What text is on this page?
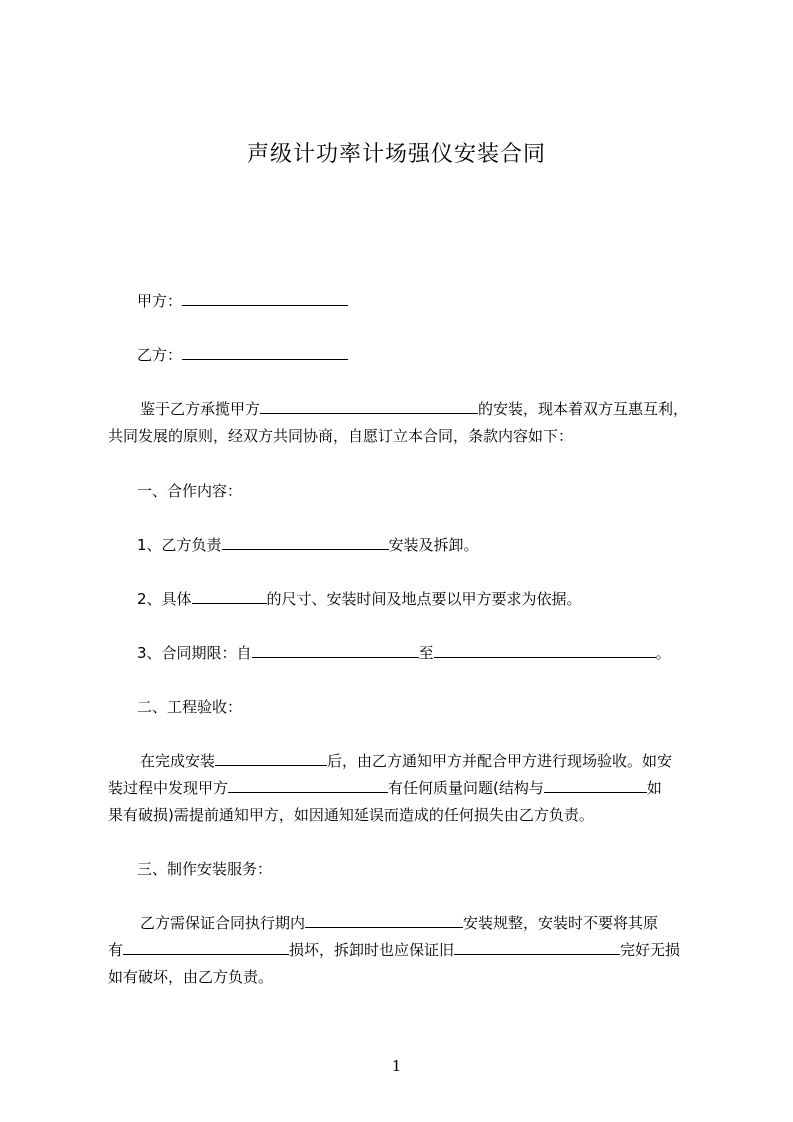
声级计功率计场强仪安装合同
甲方：
乙方：
鉴于乙方承揽甲方	的安装，现本着双方互惠互利，
共同发展的原则，经双方共同协商，自愿订立本合同，条款内容如下：
一、合作内容：
1、乙方负责	安装及拆卸。
2、具体	的尺寸、安装时间及地点要以甲方要求为依据。
3、合同期限：自	至	。
二、工程验收：
在完成安装	后，由乙方通知甲方并配合甲方进行现场验收。如安
装过程中发现甲方	有任何质量问题(结构与	如
果有破损)需提前通知甲方，如因通知延误而造成的任何损失由乙方负责。
三、制作安装服务：
乙方需保证合同执行期内	安装规整，安装时不要将其原
有	损坏，拆卸时也应保证旧	完好无损
如有破坏，由乙方负责。
1
